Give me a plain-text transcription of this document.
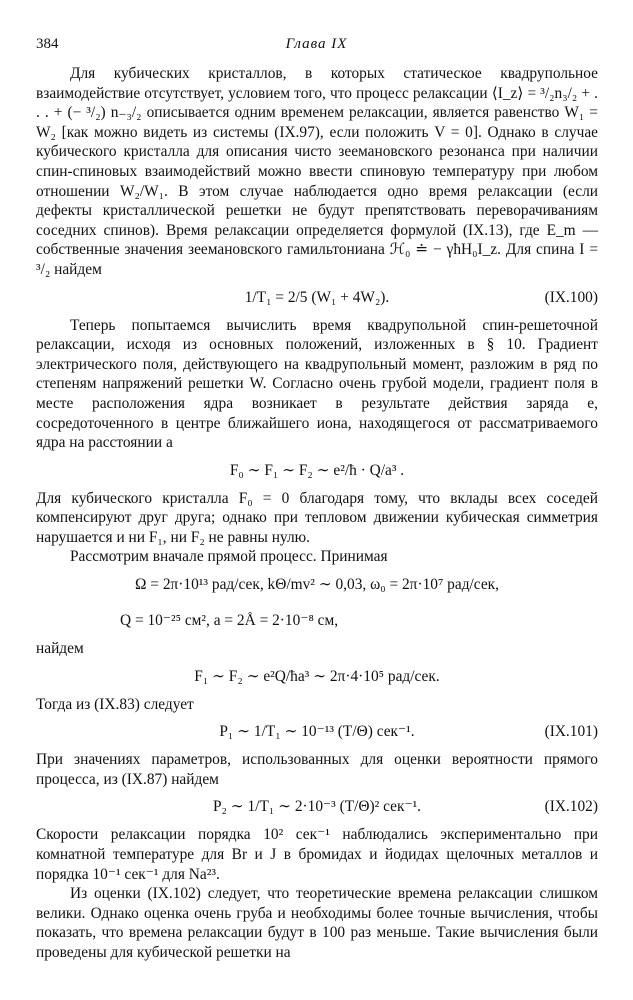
384	Глава IX

Для кубических кристаллов, в которых статическое квадрупольное взаимодействие отсутствует, условием того, что процесс релаксации ⟨I_z⟩ = ³/₂n₃/₂ + . . . + (− ³/₂) n₋₃/₂ описывается одним временем релаксации, является равенство W₁ = W₂ [как можно видеть из системы (IX.97), если положить V = 0]. Однако в случае кубического кристалла для описания чисто зеемановского резонанса при наличии спин-спиновых взаимодействий можно ввести спиновую температуру при любом отношении W₂/W₁. В этом случае наблюдается одно время релаксации (если дефекты кристаллической решетки не будут препятствовать переворачиваниям соседних спинов). Время релаксации определяется формулой (IX.13), где E_m — собственные значения зеемановского гамильтониана ℋ₀ ≐ − γħH₀I_z. Для спина I = ³/₂ найдем

1/T₁ = 2/5 (W₁ + 4W₂).	(IX.100)

Теперь попытаемся вычислить время квадрупольной спин-решеточной релаксации, исходя из основных положений, изложенных в § 10. Градиент электрического поля, действующего на квадрупольный момент, разложим в ряд по степеням напряжений решетки W. Согласно очень грубой модели, градиент поля в месте расположения ядра возникает в результате действия заряда e, сосредоточенного в центре ближайшего иона, находящегося от рассматриваемого ядра на расстоянии a

F₀ ∼ F₁ ∼ F₂ ∼ e²/ħ · Q/a³ .

Для кубического кристалла F₀ = 0 благодаря тому, что вклады всех соседей компенсируют друг друга; однако при тепловом движении кубическая симметрия нарушается и ни F₁, ни F₂ не равны нулю.

Рассмотрим вначале прямой процесс. Принимая

Ω = 2π·10¹³ рад/сек, kΘ/mv² ∼ 0,03, ω₀ = 2π·10⁷ рад/сек,
Q = 10⁻²⁵ см², a = 2Å = 2·10⁻⁸ см,

найдем

F₁ ∼ F₂ ∼ e²Q/ħa³ ∼ 2π·4·10⁵ рад/сек.

Тогда из (IX.83) следует

P₁ ∼ 1/T₁ ∼ 10⁻¹³ (T/Θ) сек⁻¹.	(IX.101)

При значениях параметров, использованных для оценки вероятности прямого процесса, из (IX.87) найдем

P₂ ∼ 1/T₁ ∼ 2·10⁻³ (T/Θ)² сек⁻¹.	(IX.102)

Скорости релаксации порядка 10² сек⁻¹ наблюдались экспериментально при комнатной температуре для Br и J в бромидах и йодидах щелочных металлов и порядка 10⁻¹ сек⁻¹ для Na²³.

Из оценки (IX.102) следует, что теоретические времена релаксации слишком велики. Однако оценка очень груба и необходимы более точные вычисления, чтобы показать, что времена релаксации будут в 100 раз меньше. Такие вычисления были проведены для кубической решетки на
